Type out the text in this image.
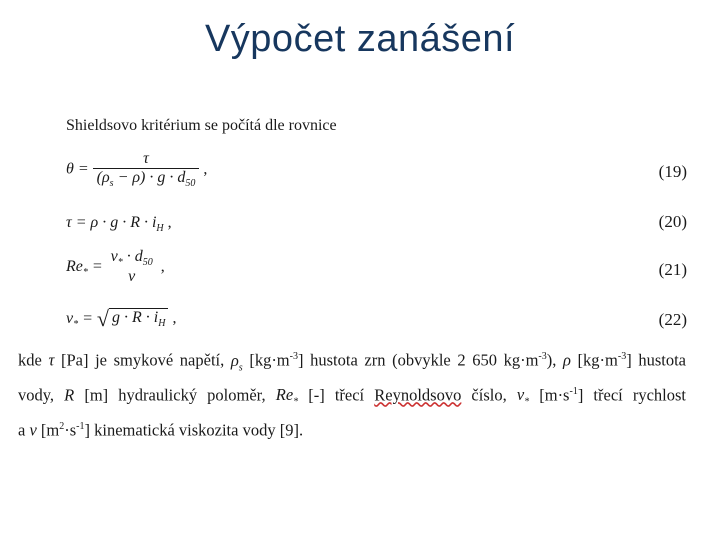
Výpočet zanášení
Shieldsovo kritérium se počítá dle rovnice
$\theta = \frac{\tau}{(\rho_s - \rho) \cdot g \cdot d_{50}}$ ,	(19)
$\tau = \rho \cdot g \cdot R \cdot i_H$ ,	(20)
$Re_*$ =
$v_* \cdot d_{50}$
ν
,	(21)
$v_*$ = √ $g \cdot R \cdot i_H$ ,	(22)
kde τ [Pa] je smykové napětí, $\rho_s$ $[kg\cdot m^{-3}]$ hustota zrn (obvykle 2 650 $kg\cdot m^{-3}$), ρ $[kg\cdot m^{-3}]$ hustota
vody, R [m] hydraulický poloměr, $Re_*$ [-] třecí Reynoldsovo číslo, $v_*$ $[m\cdot s^{-1}]$ třecí rychlost
a ν $[m^2\cdot s^{-1}]$ kinematická viskozita vody [9].
